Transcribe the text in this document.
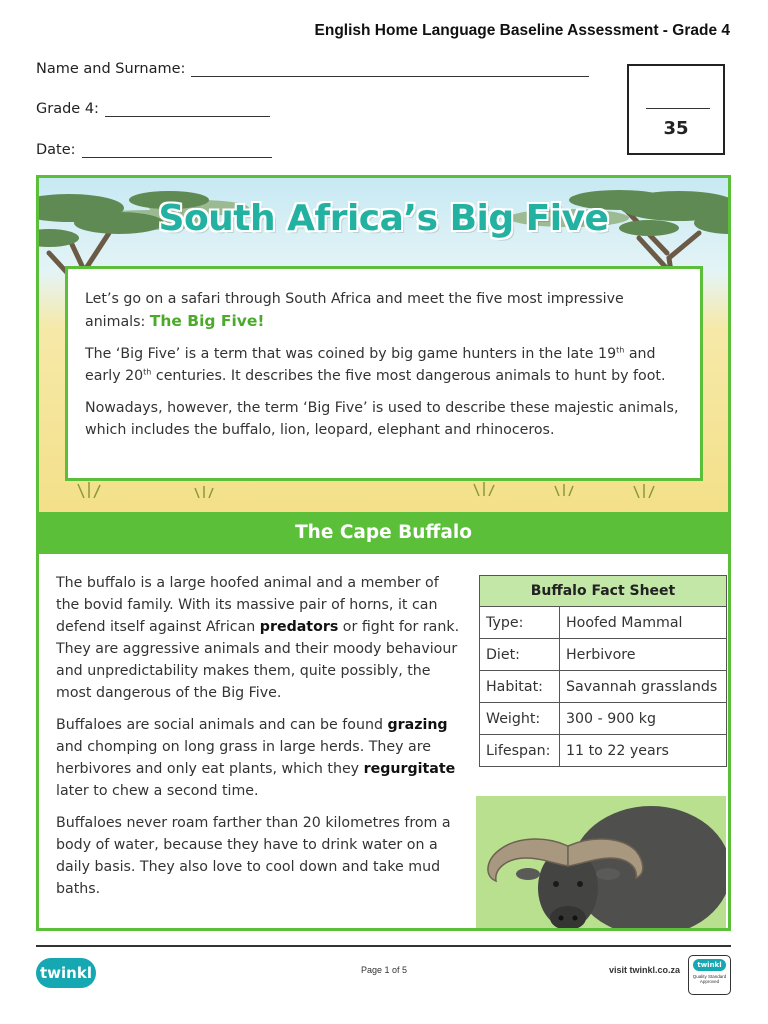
English Home Language Baseline Assessment - Grade 4
Name and Surname:
Grade 4:
Date:
35
South Africa’s Big Five

Let’s go on a safari through South Africa and meet the five most impressive animals: The Big Five!

The ‘Big Five’ is a term that was coined by big game hunters in the late 19th and early 20th centuries. It describes the five most dangerous animals to hunt by foot.

Nowadays, however, the term ‘Big Five’ is used to describe these majestic animals, which includes the buffalo, lion, leopard, elephant and rhinoceros.

The Cape Buffalo

The buffalo is a large hoofed animal and a member of the bovid family. With its massive pair of horns, it can defend itself against African predators or fight for rank. They are aggressive animals and their moody behaviour and unpredictability makes them, quite possibly, the most dangerous of the Big Five.

Buffaloes are social animals and can be found grazing and chomping on long grass in large herds. They are herbivores and only eat plants, which they regurgitate later to chew a second time.

Buffaloes never roam farther than 20 kilometres from a body of water, because they have to drink water on a daily basis. They also love to cool down and take mud baths.

Buffalo Fact Sheet	
Type:	Hoofed Mammal
Diet:	Herbivore
Habitat:	Savannah grasslands
Weight:	300 - 900 kg
Lifespan:	11 to 22 years
twinkl	Page 1 of 5	visit twinkl.co.za	twinkl
Quality Standard Approved
